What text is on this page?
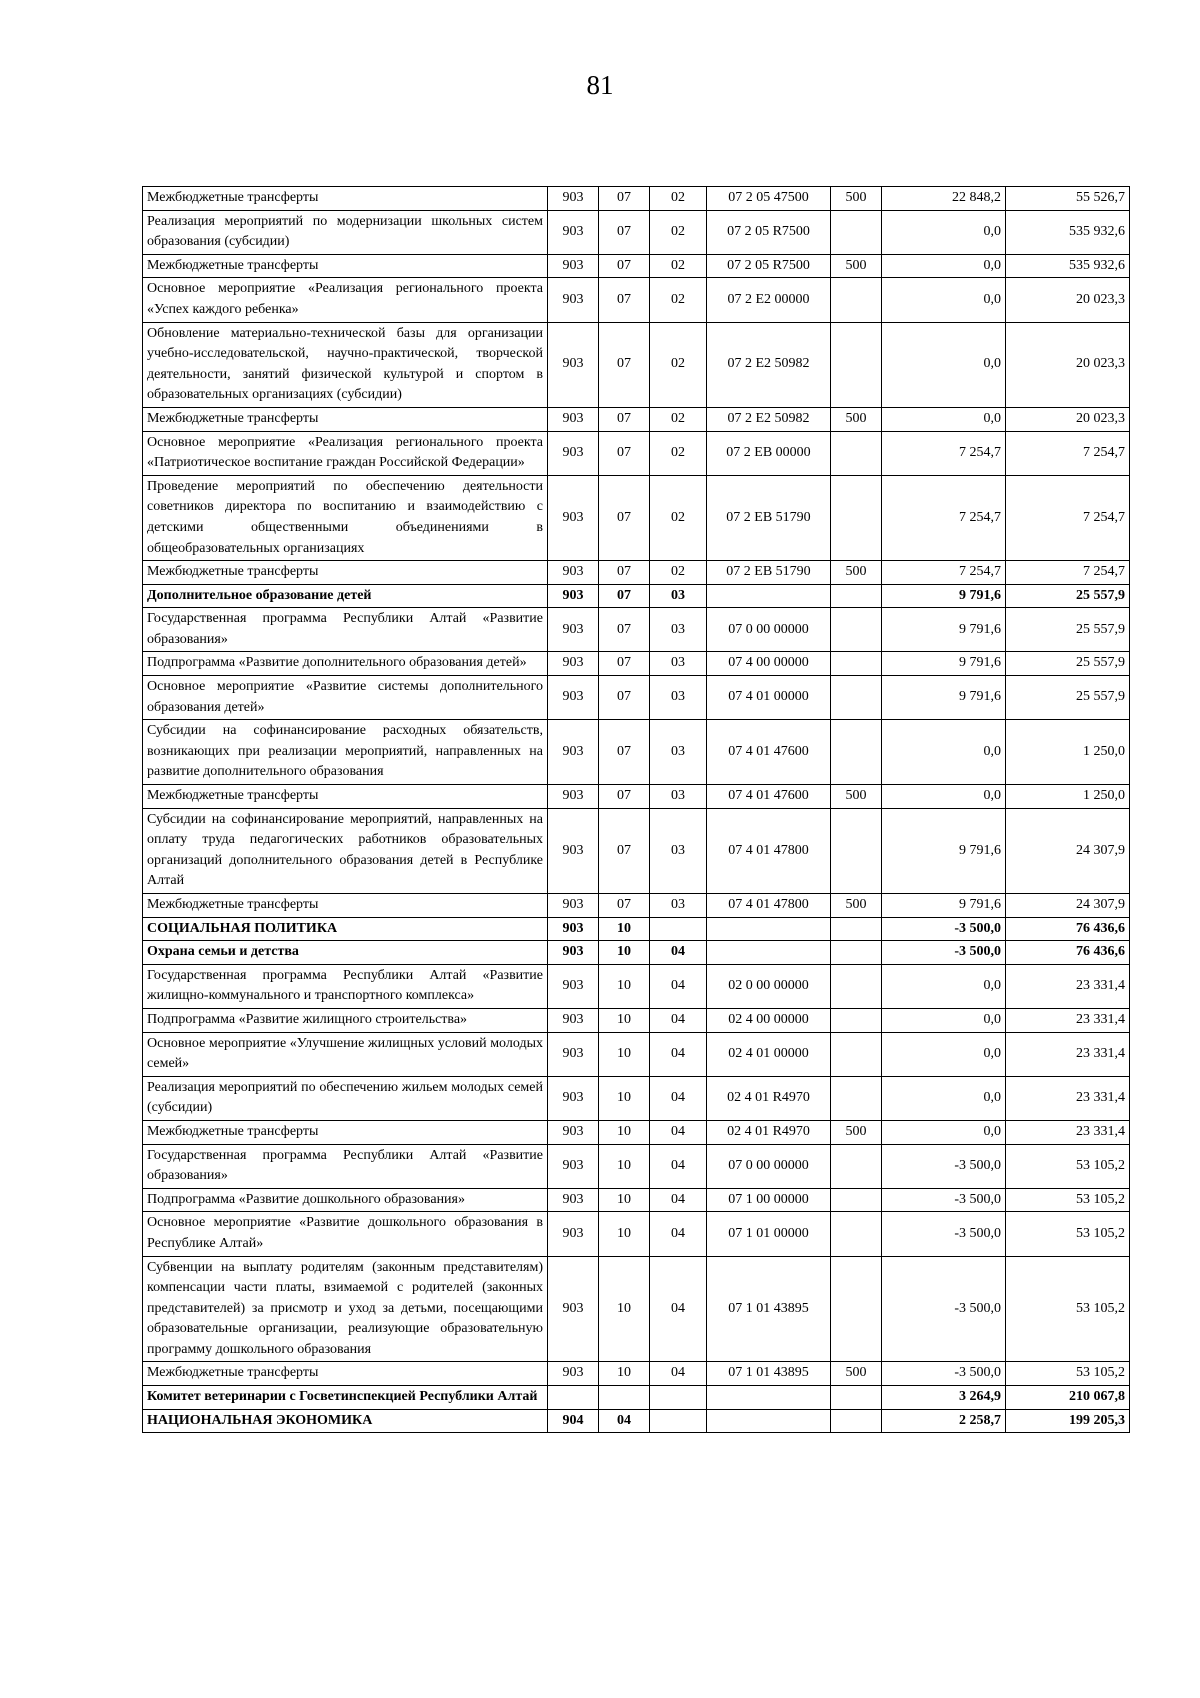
81
Межбюджетные трансферты	903	07	02	07 2 05 47500	500	22 848,2	55 526,7
Реализация мероприятий по модернизации школьных систем образования (субсидии)	903	07	02	07 2 05 R7500		0,0	535 932,6
Межбюджетные трансферты	903	07	02	07 2 05 R7500	500	0,0	535 932,6
Основное мероприятие «Реализация регионального проекта «Успех каждого ребенка»	903	07	02	07 2 E2 00000		0,0	20 023,3
Обновление материально-технической базы для организации учебно-исследовательской, научно-практической, творческой деятельности, занятий физической культурой и спортом в образовательных организациях (субсидии)	903	07	02	07 2 E2 50982		0,0	20 023,3
Межбюджетные трансферты	903	07	02	07 2 E2 50982	500	0,0	20 023,3
Основное мероприятие «Реализация регионального проекта «Патриотическое воспитание граждан Российской Федерации»	903	07	02	07 2 EB 00000		7 254,7	7 254,7
Проведение мероприятий по обеспечению деятельности советников директора по воспитанию и взаимодействию с детскими общественными объединениями в общеобразовательных организациях	903	07	02	07 2 EB 51790		7 254,7	7 254,7
Межбюджетные трансферты	903	07	02	07 2 EB 51790	500	7 254,7	7 254,7
Дополнительное образование детей	903	07	03			9 791,6	25 557,9
Государственная программа Республики Алтай «Развитие образования»	903	07	03	07 0 00 00000		9 791,6	25 557,9
Подпрограмма «Развитие дополнительного образования детей»	903	07	03	07 4 00 00000		9 791,6	25 557,9
Основное мероприятие «Развитие системы дополнительного образования детей»	903	07	03	07 4 01 00000		9 791,6	25 557,9
Субсидии на софинансирование расходных обязательств, возникающих при реализации мероприятий, направленных на развитие дополнительного образования	903	07	03	07 4 01 47600		0,0	1 250,0
Межбюджетные трансферты	903	07	03	07 4 01 47600	500	0,0	1 250,0
Субсидии на софинансирование мероприятий, направленных на оплату труда педагогических работников образовательных организаций дополнительного образования детей в Республике Алтай	903	07	03	07 4 01 47800		9 791,6	24 307,9
Межбюджетные трансферты	903	07	03	07 4 01 47800	500	9 791,6	24 307,9
СОЦИАЛЬНАЯ ПОЛИТИКА	903	10				-3 500,0	76 436,6
Охрана семьи и детства	903	10	04			-3 500,0	76 436,6
Государственная программа Республики Алтай «Развитие жилищно-коммунального и транспортного комплекса»	903	10	04	02 0 00 00000		0,0	23 331,4
Подпрограмма «Развитие жилищного строительства»	903	10	04	02 4 00 00000		0,0	23 331,4
Основное мероприятие «Улучшение жилищных условий молодых семей»	903	10	04	02 4 01 00000		0,0	23 331,4
Реализация мероприятий по обеспечению жильем молодых семей (субсидии)	903	10	04	02 4 01 R4970		0,0	23 331,4
Межбюджетные трансферты	903	10	04	02 4 01 R4970	500	0,0	23 331,4
Государственная программа Республики Алтай «Развитие образования»	903	10	04	07 0 00 00000		-3 500,0	53 105,2
Подпрограмма «Развитие дошкольного образования»	903	10	04	07 1 00 00000		-3 500,0	53 105,2
Основное мероприятие «Развитие дошкольного образования в Республике Алтай»	903	10	04	07 1 01 00000		-3 500,0	53 105,2
Субвенции на выплату родителям (законным представителям) компенсации части платы, взимаемой с родителей (законных представителей) за присмотр и уход за детьми, посещающими образовательные организации, реализующие образовательную программу дошкольного образования	903	10	04	07 1 01 43895		-3 500,0	53 105,2
Межбюджетные трансферты	903	10	04	07 1 01 43895	500	-3 500,0	53 105,2
Комитет ветеринарии с Госветинспекцией Республики Алтай						3 264,9	210 067,8
НАЦИОНАЛЬНАЯ ЭКОНОМИКА	904	04				2 258,7	199 205,3
